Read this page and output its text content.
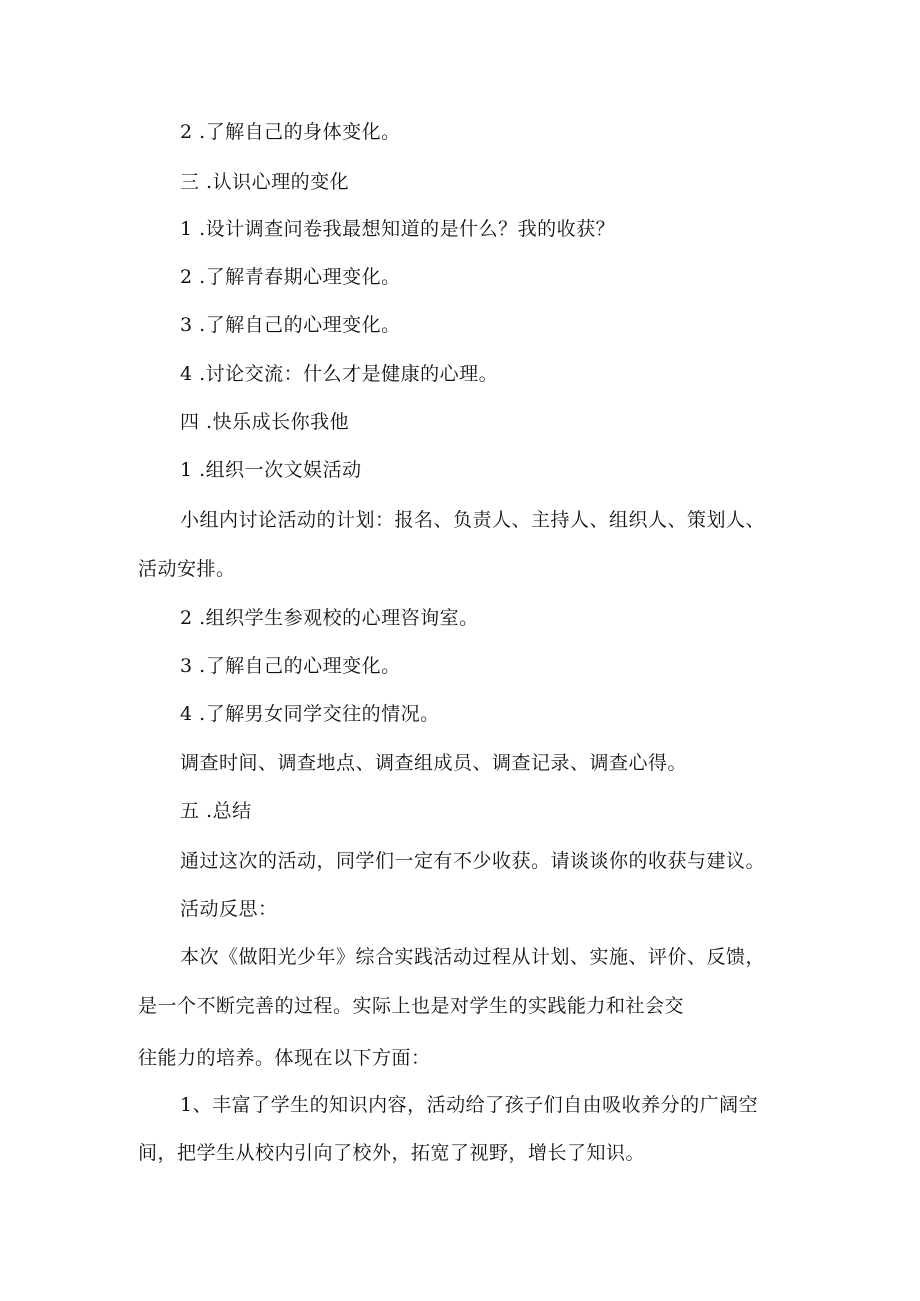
2 .了解自己的身体变化。
三 .认识心理的变化
1 .设计调查问卷我最想知道的是什么？我的收获？
2 .了解青春期心理变化。
3 .了解自己的心理变化。
4 .讨论交流：什么才是健康的心理。
四 .快乐成长你我他
1 .组织一次文娱活动
小组内讨论活动的计划：报名、负责人、主持人、组织人、策划人、
活动安排。
2 .组织学生参观校的心理咨询室。
3 .了解自己的心理变化。
4 .了解男女同学交往的情况。
调查时间、调查地点、调查组成员、调查记录、调查心得。
五 .总结
通过这次的活动，同学们一定有不少收获。请谈谈你的收获与建议。
活动反思：
本次《做阳光少年》综合实践活动过程从计划、实施、评价、反馈，
是一个不断完善的过程。实际上也是对学生的实践能力和社会交
往能力的培养。体现在以下方面：
1、丰富了学生的知识内容，活动给了孩子们自由吸收养分的广阔空
间，把学生从校内引向了校外，拓宽了视野，增长了知识。
